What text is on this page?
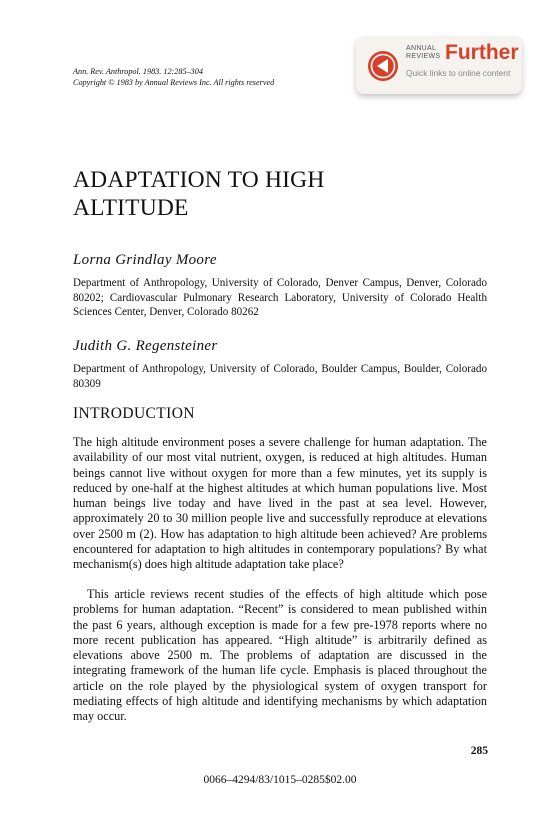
Ann. Rev. Anthropol. 1983. 12:285–304
Copyright © 1983 by Annual Reviews Inc. All rights reserved
ANNUAL
REVIEWS Further
Quick links to online content
ADAPTATION TO HIGH
ALTITUDE
Lorna Grindlay Moore
Department of Anthropology, University of Colorado, Denver Campus, Denver, Colorado 80202; Cardiovascular Pulmonary Research Laboratory, University of Colorado Health Sciences Center, Denver, Colorado 80262
Judith G. Regensteiner
Department of Anthropology, University of Colorado, Boulder Campus, Boulder, Colorado 80309
INTRODUCTION

The high altitude environment poses a severe challenge for human adaptation. The availability of our most vital nutrient, oxygen, is reduced at high altitudes. Human beings cannot live without oxygen for more than a few minutes, yet its supply is reduced by one-half at the highest altitudes at which human populations live. Most human beings live today and have lived in the past at sea level. However, approximately 20 to 30 million people live and successfully reproduce at elevations over 2500 m (2). How has adaptation to high altitude been achieved? Are problems encountered for adaptation to high altitudes in contemporary populations? By what mechanism(s) does high altitude adaptation take place?

This article reviews recent studies of the effects of high altitude which pose problems for human adaptation. “Recent” is considered to mean published within the past 6 years, although exception is made for a few pre-1978 reports where no more recent publication has appeared. “High altitude” is arbitrarily defined as elevations above 2500 m. The problems of adaptation are discussed in the integrating framework of the human life cycle. Emphasis is placed throughout the article on the role played by the physiological system of oxygen transport for mediating effects of high altitude and identifying mechanisms by which adaptation may occur.

285
0066–4294/83/1015–0285$02.00
